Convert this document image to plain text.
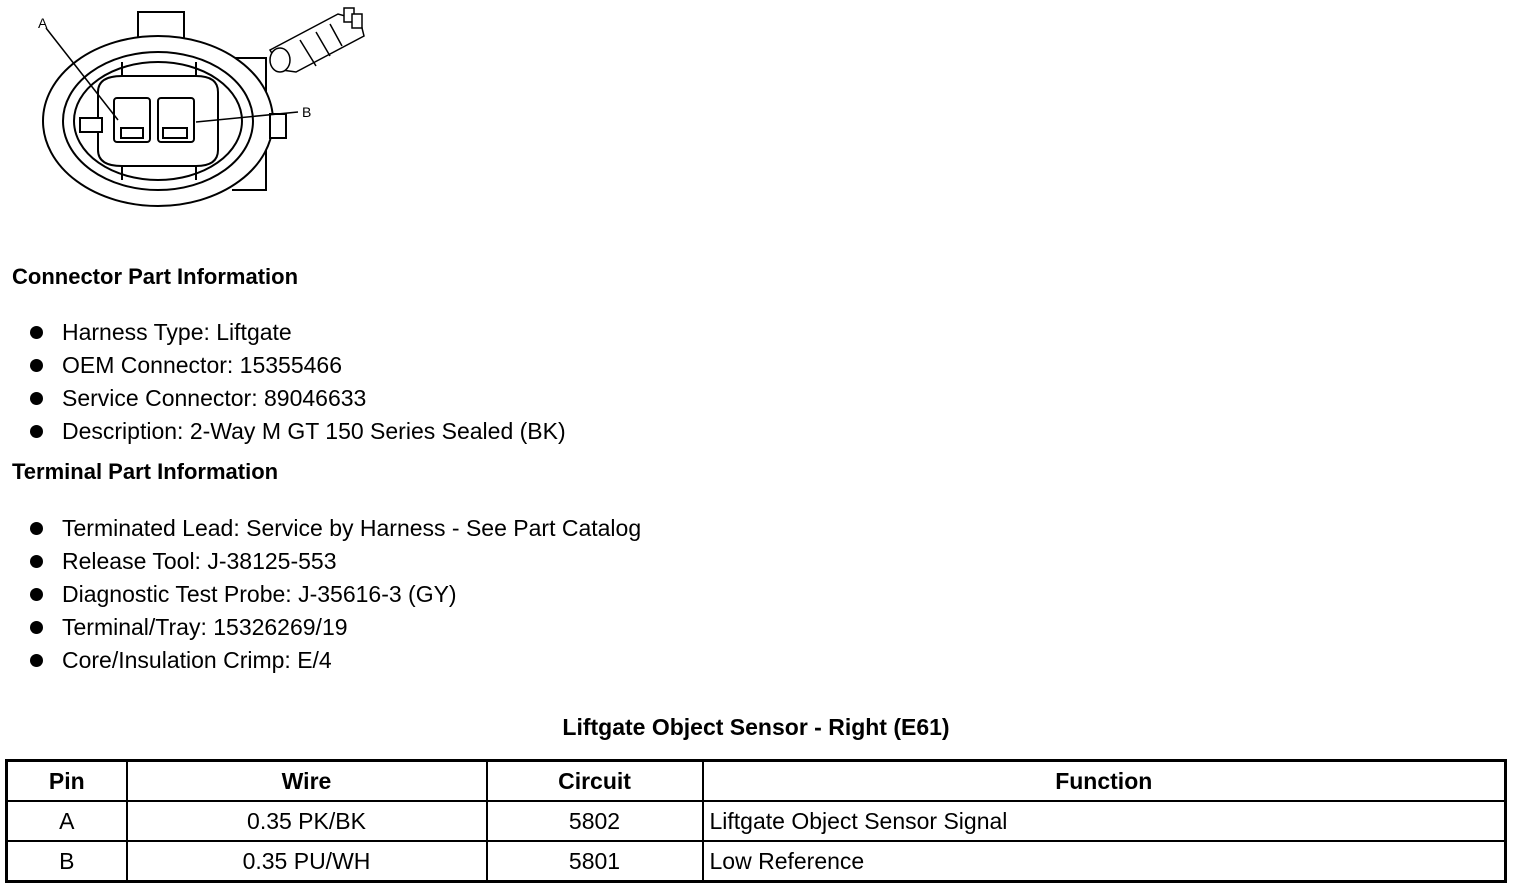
A
B
Connector Part Information
Harness Type: Liftgate
OEM Connector: 15355466
Service Connector: 89046633
Description: 2-Way M GT 150 Series Sealed (BK)
Terminal Part Information
Terminated Lead: Service by Harness - See Part Catalog
Release Tool: J-38125-553
Diagnostic Test Probe: J-35616-3 (GY)
Terminal/Tray: 15326269/19
Core/Insulation Crimp: E/4
Liftgate Object Sensor - Right (E61)
Pin	Wire	Circuit	Function
A	0.35 PK/BK	5802	Liftgate Object Sensor Signal
B	0.35 PU/WH	5801	Low Reference
